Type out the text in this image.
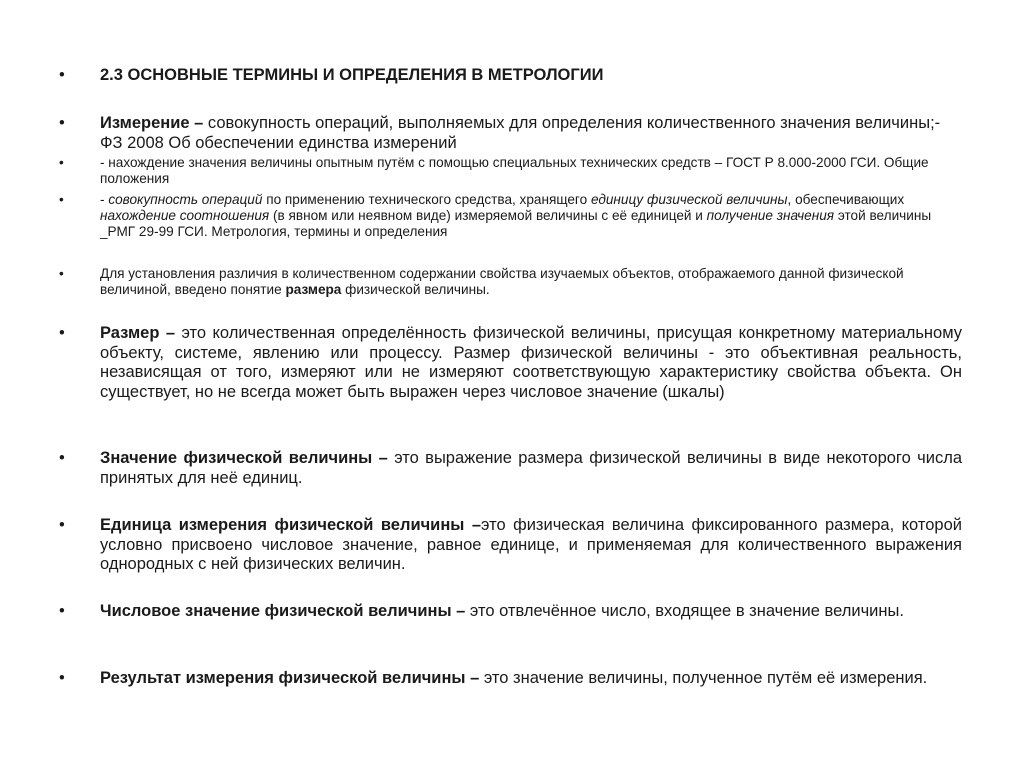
•	2.3 ОСНОВНЫЕ ТЕРМИНЫ И ОПРЕДЕЛЕНИЯ В МЕТРОЛОГИИ
•	Измерение – совокупность операций, выполняемых для определения количественного значения величины;- ФЗ 2008 Об обеспечении единства измерений
•	- нахождение значения величины опытным путём с помощью специальных технических средств – ГОСТ Р 8.000-2000 ГСИ. Общие положения
•	- совокупность операций по применению технического средства, хранящего единицу физической величины, обеспечивающих нахождение соотношения (в явном или неявном виде) измеряемой величины с её единицей и получение значения этой величины _РМГ 29-99 ГСИ. Метрология, термины и определения
•	Для установления различия в количественном содержании свойства изучаемых объектов, отображаемого данной физической величиной, введено понятие размера физической величины.
•	Размер – это количественная определённость физической величины, присущая конкретному материальному объекту, системе, явлению или процессу. Размер физической величины - это объективная реальность, независящая от того, измеряют или не измеряют соответствующую характеристику свойства объекта. Он существует, но не всегда может быть выражен через числовое значение (шкалы)
•	Значение физической величины – это выражение размера физической величины в виде некоторого числа принятых для неё единиц.
•	Единица измерения физической величины –это физическая величина фиксированного размера, которой условно присвоено числовое значение, равное единице, и применяемая для количественного выражения однородных с ней физических величин.
•	Числовое значение физической величины – это отвлечённое число, входящее в значение величины.
•	Результат измерения физической величины – это значение величины, полученное путём её измерения.
